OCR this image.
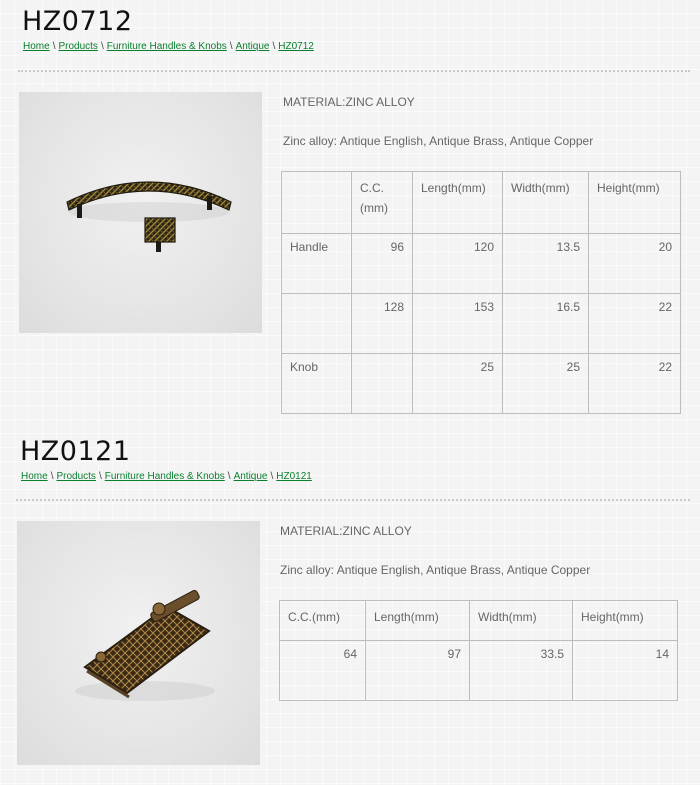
HZ0712
Home \ Products \ Furniture Handles & Knobs \ Antique \ HZ0712
MATERIAL:ZINC ALLOY
Zinc alloy: Antique English, Antique Brass, Antique Copper
	C.C.(mm)	Length(mm)	Width(mm)	Height(mm)
Handle	96	120	13.5	20
	128	153	16.5	22
Knob		25	25	22
HZ0121
Home \ Products \ Furniture Handles & Knobs \ Antique \ HZ0121
MATERIAL:ZINC ALLOY
Zinc alloy: Antique English, Antique Brass, Antique Copper
C.C.(mm)	Length(mm)	Width(mm)	Height(mm)
64	97	33.5	14
